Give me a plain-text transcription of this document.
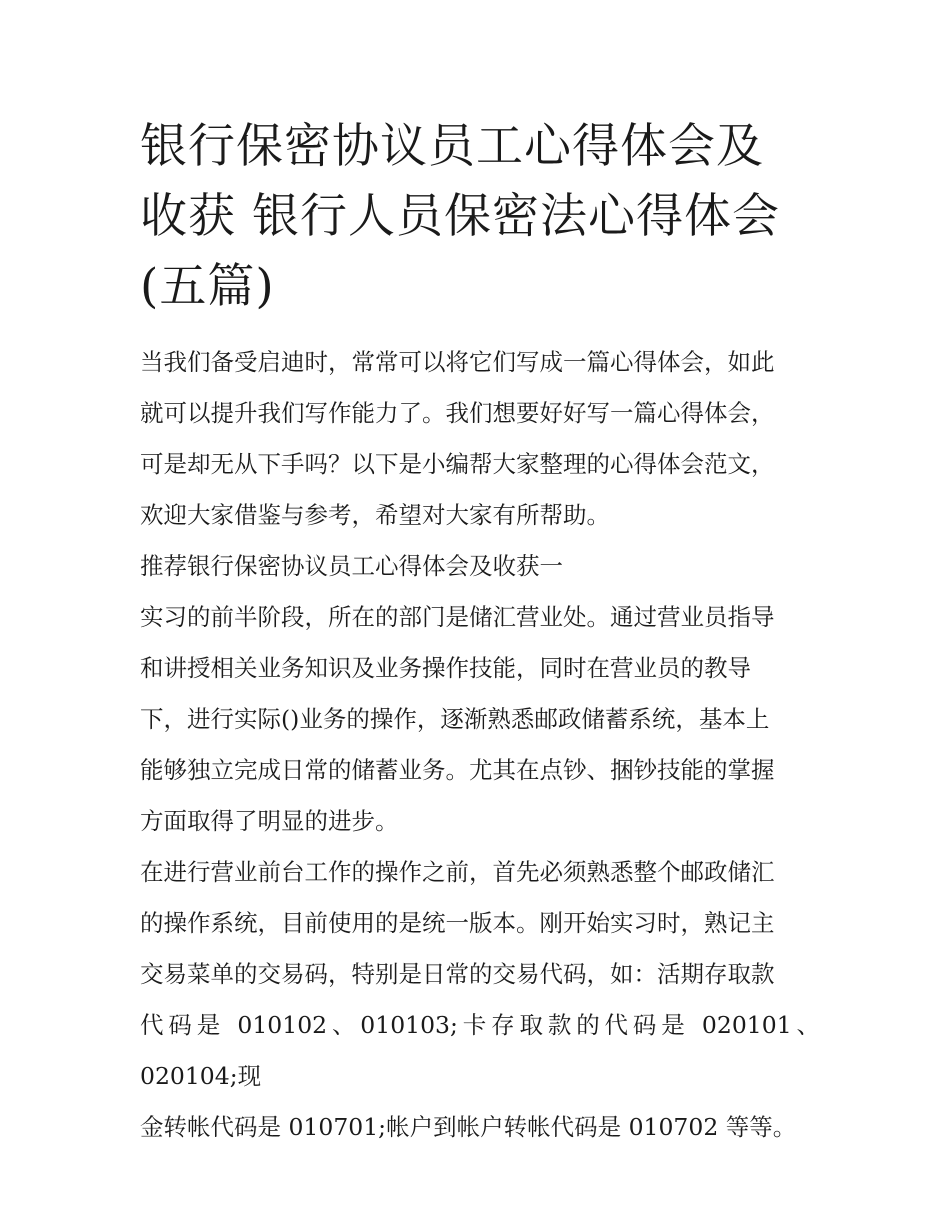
银行保密协议员工心得体会及
收获 银行人员保密法心得体会
(五篇)
当我们备受启迪时，常常可以将它们写成一篇心得体会，如此
就可以提升我们写作能力了。我们想要好好写一篇心得体会，
可是却无从下手吗？以下是小编帮大家整理的心得体会范文，
欢迎大家借鉴与参考，希望对大家有所帮助。
推荐银行保密协议员工心得体会及收获一
实习的前半阶段，所在的部门是储汇营业处。通过营业员指导
和讲授相关业务知识及业务操作技能，同时在营业员的教导
下，进行实际()业务的操作，逐渐熟悉邮政储蓄系统，基本上
能够独立完成日常的储蓄业务。尤其在点钞、捆钞技能的掌握
方面取得了明显的进步。
在进行营业前台工作的操作之前，首先必须熟悉整个邮政储汇
的操作系统，目前使用的是统一版本。刚开始实习时，熟记主
交易菜单的交易码，特别是日常的交易代码，如：活期存取款
代码是 010102、010103;卡存取款的代码是 020101、020104;现
金转帐代码是 010701;帐户到帐户转帐代码是 010702 等等。
